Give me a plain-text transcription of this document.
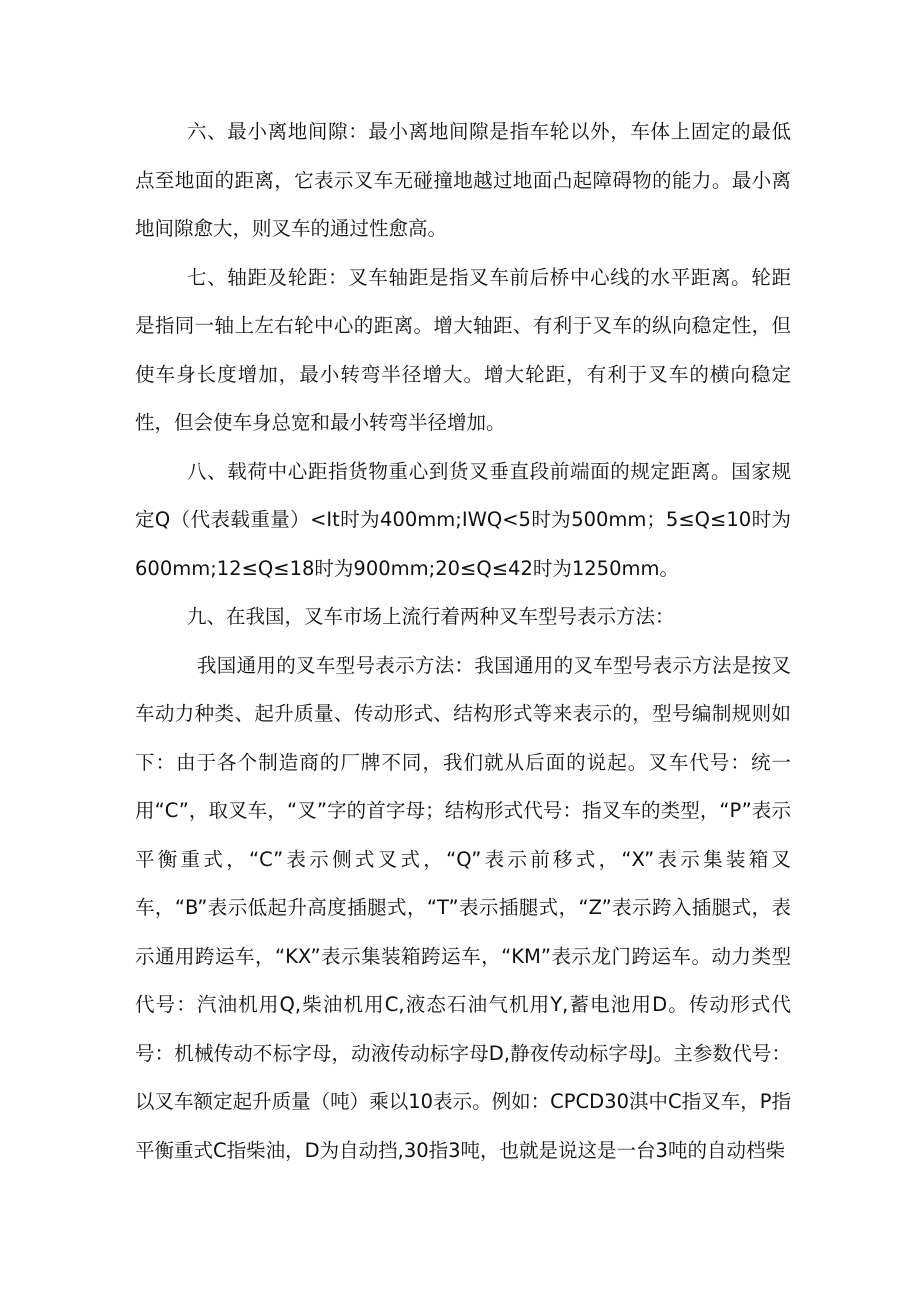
六、最小离地间隙：最小离地间隙是指车轮以外，车体上固定的最低点至地面的距离，它表示叉车无碰撞地越过地面凸起障碍物的能力。最小离地间隙愈大，则叉车的通过性愈高。

七、轴距及轮距：叉车轴距是指叉车前后桥中心线的水平距离。轮距是指同一轴上左右轮中心的距离。增大轴距、有利于叉车的纵向稳定性，但使车身长度增加，最小转弯半径增大。增大轮距，有利于叉车的横向稳定性，但会使车身总宽和最小转弯半径增加。

八、载荷中心距指货物重心到货叉垂直段前端面的规定距离。国家规定Q（代表载重量）<It时为400mm;IWQ<5时为500mm；5≤Q≤10时为600mm;12≤Q≤18时为900mm;20≤Q≤42时为1250mm。

九、在我国，叉车市场上流行着两种叉车型号表示方法：

我国通用的叉车型号表示方法：我国通用的叉车型号表示方法是按叉车动力种类、起升质量、传动形式、结构形式等来表示的，型号编制规则如下：由于各个制造商的厂牌不同，我们就从后面的说起。叉车代号：统一用“C”，取叉车，“叉”字的首字母；结构形式代号：指叉车的类型，“P”表示平衡重式，“C”表示侧式叉式，“Q”表示前移式，“X”表示集装箱叉车，“B”表示低起升高度插腿式，“T”表示插腿式，“Z”表示跨入插腿式，表示通用跨运车，“KX”表示集装箱跨运车，“KM”表示龙门跨运车。动力类型代号：汽油机用Q,柴油机用C,液态石油气机用Y,蓄电池用D。传动形式代号：机械传动不标字母，动液传动标字母D,静夜传动标字母J。主参数代号：以叉车额定起升质量（吨）乘以10表示。例如：CPCD30淇中C指叉车，P指平衡重式C指柴油，D为自动挡,30指3吨，也就是说这是一台3吨的自动档柴
